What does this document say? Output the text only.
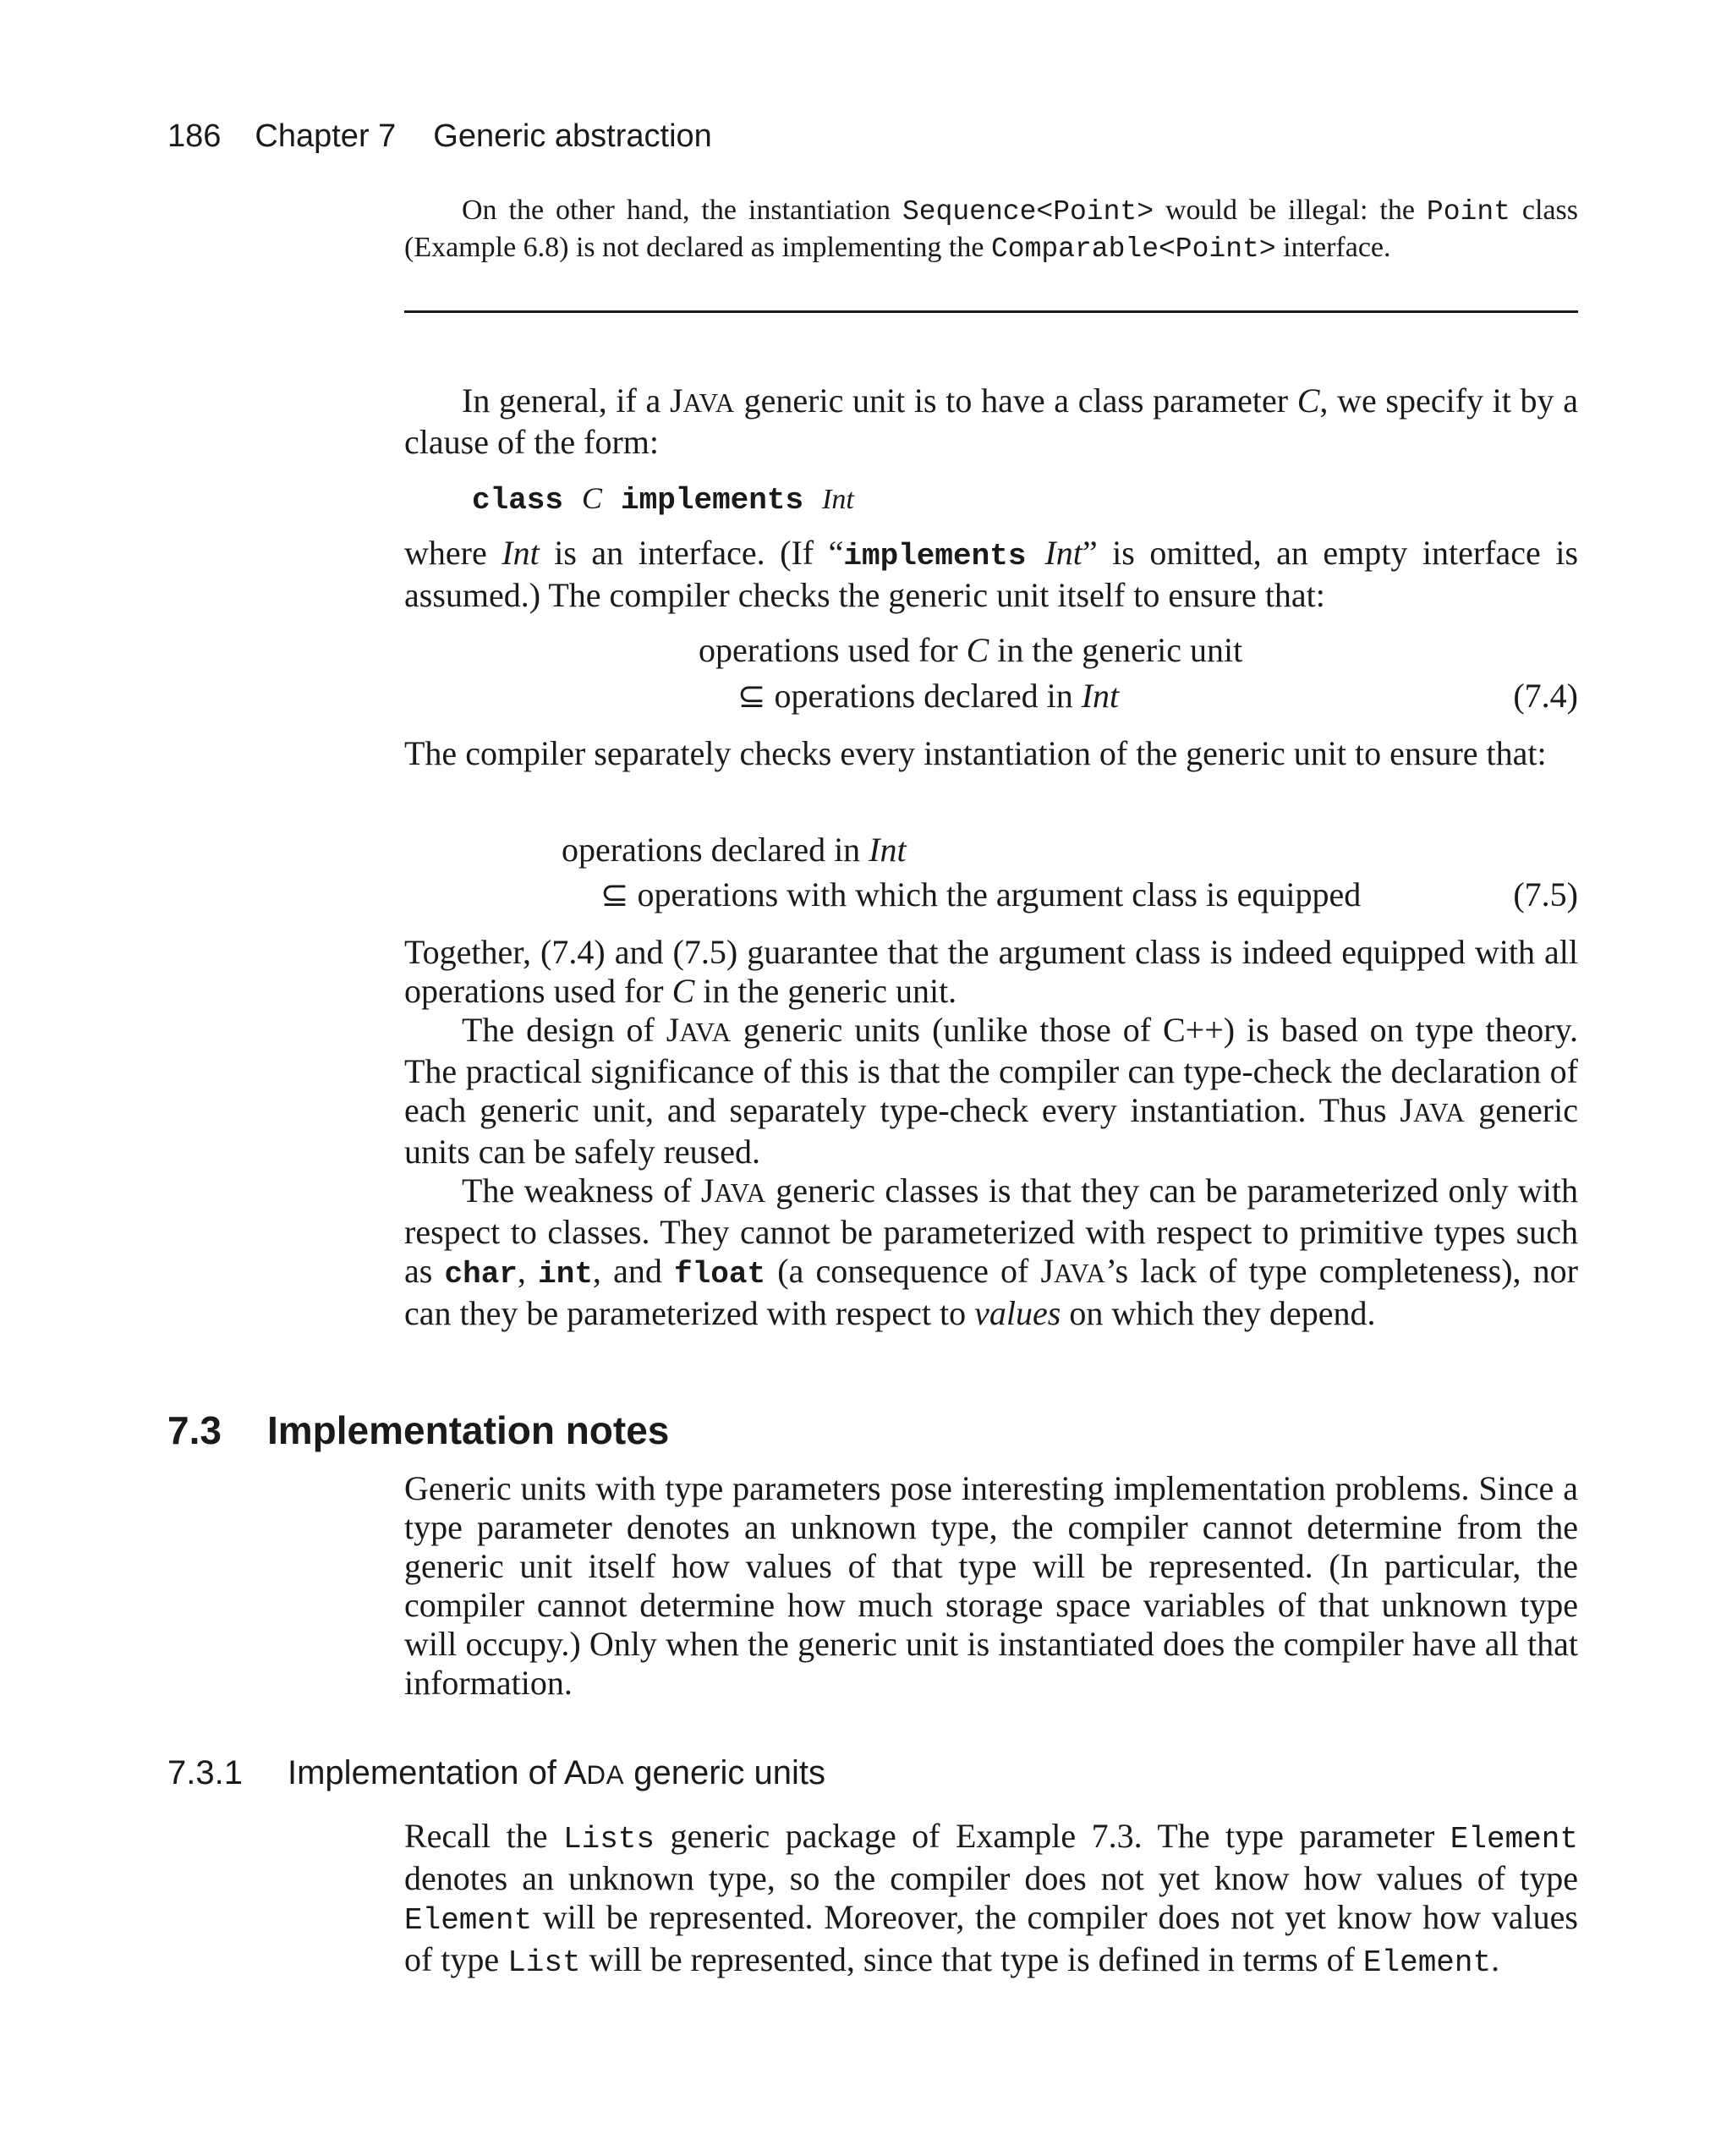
186 Chapter 7 Generic abstraction

On the other hand, the instantiation Sequence<Point> would be illegal: the Point class (Example 6.8) is not declared as implementing the Comparable<Point> interface.

In general, if a JAVA generic unit is to have a class parameter C, we specify it by a clause of the form:

class C implements Int

where Int is an interface. (If “implements Int” is omitted, an empty interface is assumed.) The compiler checks the generic unit itself to ensure that:

operations used for C in the generic unit
⊆ operations declared in Int	(7.4)

The compiler separately checks every instantiation of the generic unit to ensure that:

operations declared in Int
⊆ operations with which the argument class is equipped	(7.5)

Together, (7.4) and (7.5) guarantee that the argument class is indeed equipped with all operations used for C in the generic unit.

The design of JAVA generic units (unlike those of C++) is based on type theory. The practical significance of this is that the compiler can type-check the declaration of each generic unit, and separately type-check every instantiation. Thus JAVA generic units can be safely reused.

The weakness of JAVA generic classes is that they can be parameterized only with respect to classes. They cannot be parameterized with respect to primitive types such as char, int, and float (a consequence of JAVA’s lack of type completeness), nor can they be parameterized with respect to values on which they depend.

7.3 Implementation notes

Generic units with type parameters pose interesting implementation problems. Since a type parameter denotes an unknown type, the compiler cannot determine from the generic unit itself how values of that type will be represented. (In particular, the compiler cannot determine how much storage space variables of that unknown type will occupy.) Only when the generic unit is instantiated does the compiler have all that information.

7.3.1 Implementation of ADA generic units

Recall the Lists generic package of Example 7.3. The type parameter Element denotes an unknown type, so the compiler does not yet know how values of type Element will be represented. Moreover, the compiler does not yet know how values of type List will be represented, since that type is defined in terms of Element.
